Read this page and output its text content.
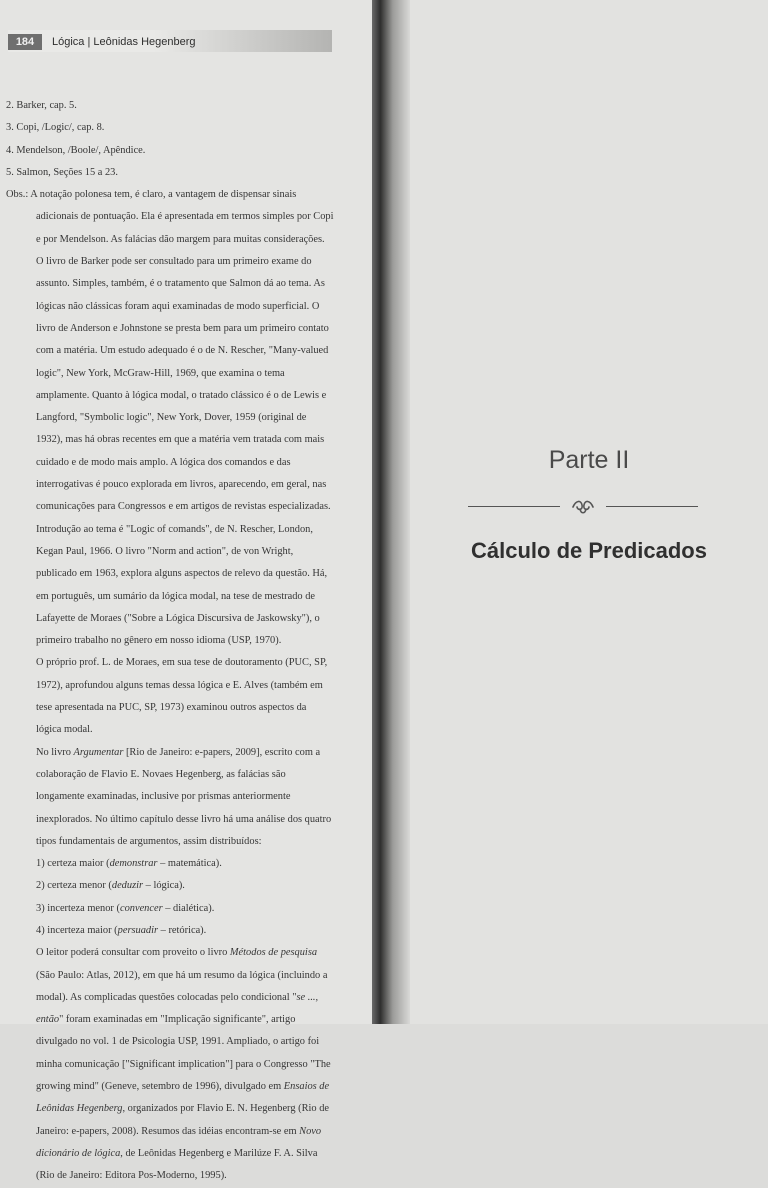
184	Lógica | Leônidas Hegenberg

2. Barker, cap. 5.

3. Copi, /Logic/, cap. 8.

4. Mendelson, /Boole/, Apêndice.

5. Salmon, Seções 15 a 23.

Obs.: A notação polonesa tem, é claro, a vantagem de dispensar sinais adicionais de pontuação. Ela é apresentada em termos simples por Copi e por Mendelson. As falácias dão margem para muitas considerações. O livro de Barker pode ser consultado para um primeiro exame do assunto. Simples, também, é o tratamento que Salmon dá ao tema. As lógicas não clássicas foram aqui examinadas de modo superficial. O livro de Anderson e Johnstone se presta bem para um primeiro contato com a matéria. Um estudo adequado é o de N. Rescher, "Many-valued logic", New York, McGraw-Hill, 1969, que examina o tema amplamente. Quanto à lógica modal, o tratado clássico é o de Lewis e Langford, "Symbolic logic", New York, Dover, 1959 (original de 1932), mas há obras recentes em que a matéria vem tratada com mais cuidado e de modo mais amplo. A lógica dos comandos e das interrogativas é pouco explorada em livros, aparecendo, em geral, nas comunicações para Congressos e em artigos de revistas especializadas. Introdução ao tema é "Logic of comands", de N. Rescher, London, Kegan Paul, 1966. O livro "Norm and action", de von Wright, publicado em 1963, explora alguns aspectos de relevo da questão. Há, em português, um sumário da lógica modal, na tese de mestrado de Lafayette de Moraes ("Sobre a Lógica Discursiva de Jaskowsky"), o primeiro trabalho no gênero em nosso idioma (USP, 1970).

O próprio prof. L. de Moraes, em sua tese de doutoramento (PUC, SP, 1972), aprofundou alguns temas dessa lógica e E. Alves (também em tese apresentada na PUC, SP, 1973) examinou outros aspectos da lógica modal.

No livro Argumentar [Rio de Janeiro: e-papers, 2009], escrito com a colaboração de Flavio E. Novaes Hegenberg, as falácias são longamente examinadas, inclusive por prismas anteriormente inexplorados. No último capítulo desse livro há uma análise dos quatro tipos fundamentais de argumentos, assim distribuídos:

1) certeza maior (demonstrar – matemática).

2) certeza menor (deduzir – lógica).

3) incerteza menor (convencer – dialética).

4) incerteza maior (persuadir – retórica).

O leitor poderá consultar com proveito o livro Métodos de pesquisa (São Paulo: Atlas, 2012), em que há um resumo da lógica (incluindo a modal). As complicadas questões colocadas pelo condicional "se ..., então" foram examinadas em "Implicação significante", artigo divulgado no vol. 1 de Psicologia USP, 1991. Ampliado, o artigo foi minha comunicação ["Significant implication"] para o Congresso "The growing mind" (Geneve, setembro de 1996), divulgado em Ensaios de Leônidas Hegenberg, organizados por Flavio E. N. Hegenberg (Rio de Janeiro: e-papers, 2008). Resumos das idéias encontram-se em Novo dicionário de lógica, de Leônidas Hegenberg e Marilúze F. A. Silva (Rio de Janeiro: Editora Pos-Moderno, 1995).

Parte II
Cálculo de Predicados
